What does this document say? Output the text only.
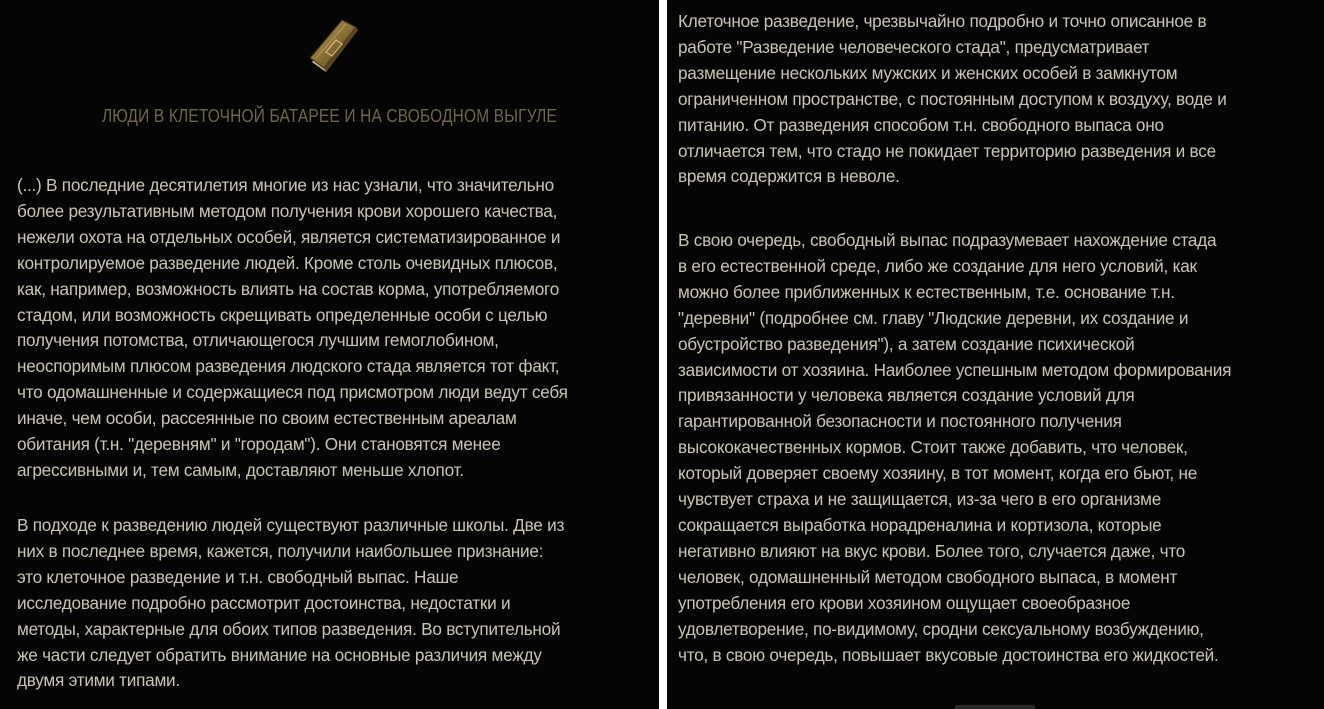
ЛЮДИ В КЛЕТОЧНОЙ БАТАРЕЕ И НА СВОБОДНОМ ВЫГУЛЕ

(...) В последние десятилетия многие из нас узнали, что значительно
более результативным методом получения крови хорошего качества,
нежели охота на отдельных особей, является систематизированное и
контролируемое разведение людей. Кроме столь очевидных плюсов,
как, например, возможность влиять на состав корма, употребляемого
стадом, или возможность скрещивать определенные особи с целью
получения потомства, отличающегося лучшим гемоглобином,
неоспоримым плюсом разведения людского стада является тот факт,
что одомашненные и содержащиеся под присмотром люди ведут себя
иначе, чем особи, рассеянные по своим естественным ареалам
обитания (т.н. "деревням" и "городам"). Они становятся менее
агрессивными и, тем самым, доставляют меньше хлопот.

В подходе к разведению людей существуют различные школы. Две из
них в последнее время, кажется, получили наибольшее признание:
это клеточное разведение и т.н. свободный выпас. Наше
исследование подробно рассмотрит достоинства, недостатки и
методы, характерные для обоих типов разведения. Во вступительной
же части следует обратить внимание на основные различия между
двумя этими типами.

Клеточное разведение, чрезвычайно подробно и точно описанное в
работе "Разведение человеческого стада", предусматривает
размещение нескольких мужских и женских особей в замкнутом
ограниченном пространстве, с постоянным доступом к воздуху, воде и
питанию. От разведения способом т.н. свободного выпаса оно
отличается тем, что стадо не покидает территорию разведения и все
время содержится в неволе.

В свою очередь, свободный выпас подразумевает нахождение стада
в его естественной среде, либо же создание для него условий, как
можно более приближенных к естественным, т.е. основание т.н.
"деревни" (подробнее см. главу "Людские деревни, их создание и
обустройство разведения"), а затем создание психической
зависимости от хозяина. Наиболее успешным методом формирования
привязанности у человека является создание условий для
гарантированной безопасности и постоянного получения
высококачественных кормов. Стоит также добавить, что человек,
который доверяет своему хозяину, в тот момент, когда его бьют, не
чувствует страха и не защищается, из-за чего в его организме
сокращается выработка норадреналина и кортизола, которые
негативно влияют на вкус крови. Более того, случается даже, что
человек, одомашненный методом свободного выпаса, в момент
употребления его крови хозяином ощущает своеобразное
удовлетворение, по-видимому, сродни сексуальному возбуждению,
что, в свою очередь, повышает вкусовые достоинства его жидкостей.
